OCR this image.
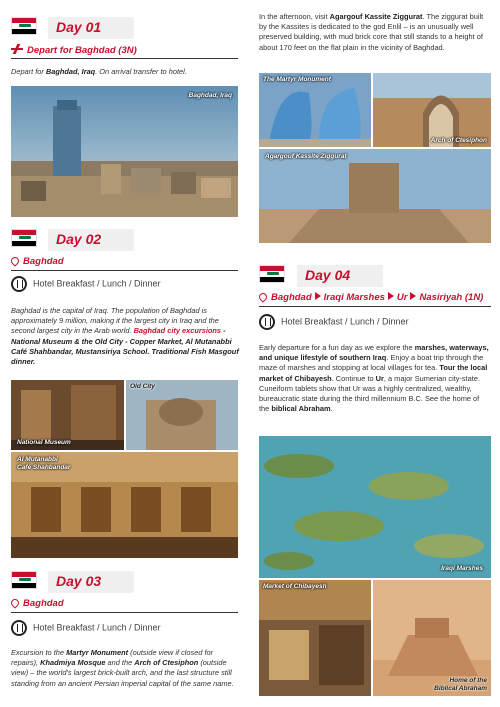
Day 01
Depart for Baghdad (3N)
Depart for Baghdad, Iraq. On arrival transfer to hotel.
Baghdad, Iraq
Day 02
Baghdad
Hotel Breakfast / Lunch / Dinner
Baghdad is the capital of Iraq. The population of Baghdad is approximately 9 million, making it the largest city in Iraq and the second largest city in the Arab world. Baghdad city excursions - National Museum & the Old City - Copper Market, Al Mutanabbi Café Shahbandar, Mustansiriya School. Traditional Fish Masgouf dinner.
National Museum
Old City
Al Mutanabbi
Café Shahbandar
Day 03
Baghdad
Hotel Breakfast / Lunch / Dinner
Excursion to the Martyr Monument (outside view if closed for repairs), Khadmiya Mosque and the Arch of Ctesiphon (outside view) – the world's largest brick-built arch, and the last structure still standing from an ancient Persian imperial capital of the same name.
In the afternoon, visit Agargouf Kassite Ziggurat. The ziggurat built by the Kassites is dedicated to the god Enlil – is an unusually well preserved building, with mud brick core that still stands to a height of about 170 feet on the flat plain in the vicinity of Baghdad.
The Martyr Monument
Arch of Ctesiphon
Agargouf Kassite Ziggurat
Day 04
Baghdad Iraqi Marshes Ur Nasiriyah (1N)
Hotel Breakfast / Lunch / Dinner
Early departure for a fun day as we explore the marshes, waterways, and unique lifestyle of southern Iraq. Enjoy a boat trip through the maze of marshes and stopping at local villages for tea. Tour the local market of Chibayesh. Continue to Ur, a major Sumerian city-state. Cuneiform tablets show that Ur was a highly centralized, wealthy, bureaucratic state during the third millennium B.C. See the home of the biblical Abraham.
Iraqi Marshes
Market of Chibayesh
Home of the
Biblical Abraham
